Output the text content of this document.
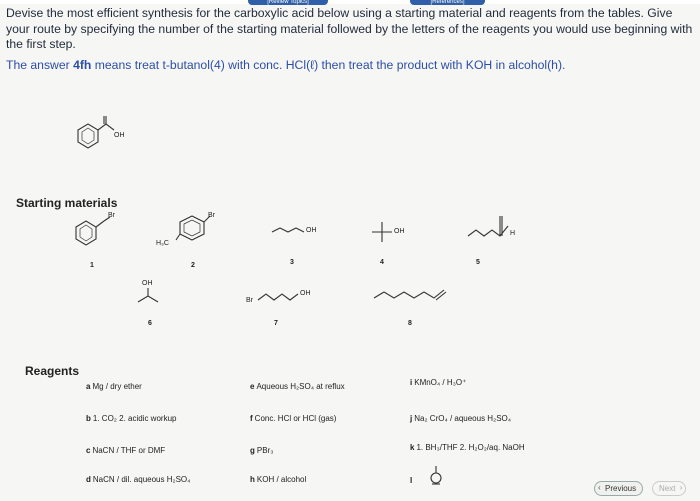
[Review Topics]	[References]
Devise the most efficient synthesis for the carboxylic acid below using a starting material and reagents from the tables. Give your route by specifying the number of the starting material followed by the letters of the reagents you would use beginning with the first step.
The answer 4fh means treat t-butanol(4) with conc. HCl(ℓ) then treat the product with KOH in alcohol(h).
OH
Starting materials
Br	Br
H₃C
OH	OH	H
OH
Br
OH
1	2	3	4	5
6	7	8
Reagents
a Mg / dry ether
b 1. CO₂ 2. acidic workup
c NaCN / THF or DMF
d NaCN / dil. aqueous H₂SO₄
e Aqueous H₂SO₄ at reflux
f Conc. HCl or HCl (gas)
g PBr₃
h KOH / alcohol
i KMnO₄ / H₃O⁺
j Na₂ CrO₄ / aqueous H₂SO₄
k 1. BH₃/THF 2. H₂O₂/aq. NaOH
l
‹ Previous	Next ›
